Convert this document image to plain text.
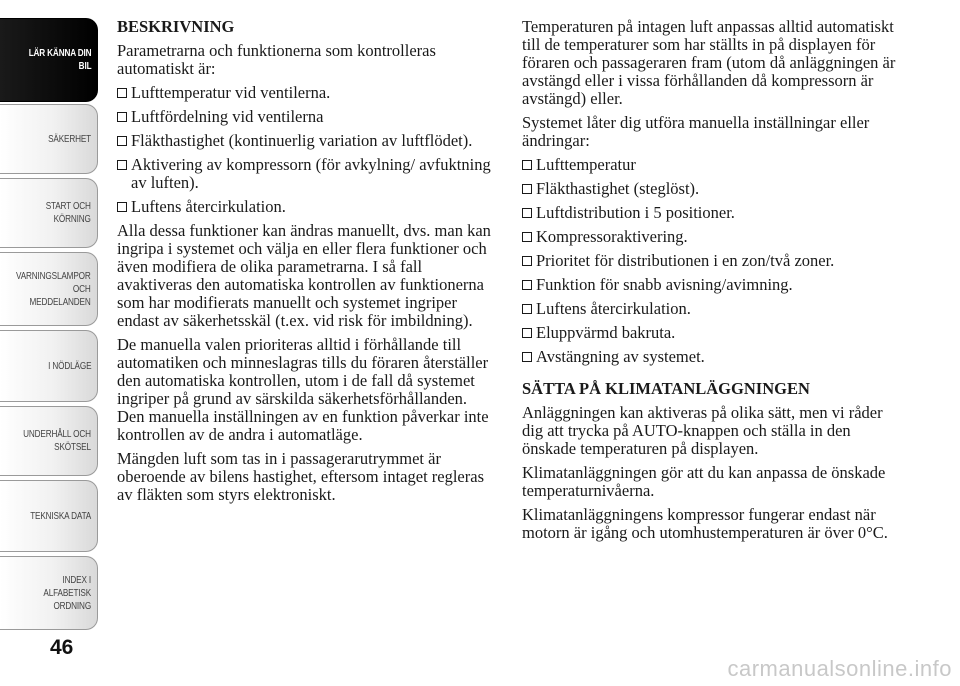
LÄR KÄNNA DIN
BIL
SÄKERHET
START OCH
KÖRNING
VARNINGSLAMPOR
OCH
MEDDELANDEN
I NÖDLÄGE
UNDERHÅLL OCH
SKÖTSEL
TEKNISKA DATA
INDEX I
ALFABETISK
ORDNING
46
BESKRIVNING

Parametrarna och funktionerna som kontrolleras automatiskt är:

Lufttemperatur vid ventilerna.
Luftfördelning vid ventilerna
Fläkthastighet (kontinuerlig variation av luftflödet).
Aktivering av kompressorn (för avkylning/ avfuktning av luften).
Luftens återcirkulation.

Alla dessa funktioner kan ändras manuellt, dvs. man kan ingripa i systemet och välja en eller flera funktioner och även modifiera de olika parametrarna. I så fall avaktiveras den automatiska kontrollen av funktionerna som har modifierats manuellt och systemet ingriper endast av säkerhetsskäl (t.ex. vid risk för imbildning).

De manuella valen prioriteras alltid i förhållande till automatiken och minneslagras tills du föraren återställer den automatiska kontrollen, utom i de fall då systemet ingriper på grund av särskilda säkerhetsförhållanden. Den manuella inställningen av en funktion påverkar inte kontrollen av de andra i automatläge.

Mängden luft som tas in i passagerarutrymmet är oberoende av bilens hastighet, eftersom intaget regleras av fläkten som styrs elektroniskt.

Temperaturen på intagen luft anpassas alltid automatiskt till de temperaturer som har ställts in på displayen för föraren och passageraren fram (utom då anläggningen är avstängd eller i vissa förhållanden då kompressorn är avstängd) eller.

Systemet låter dig utföra manuella inställningar eller ändringar:

Lufttemperatur
Fläkthastighet (steglöst).
Luftdistribution i 5 positioner.
Kompressoraktivering.
Prioritet för distributionen i en zon/två zoner.
Funktion för snabb avisning/avimning.
Luftens återcirkulation.
Eluppvärmd bakruta.
Avstängning av systemet.
SÄTTA PÅ KLIMATANLÄGGNINGEN

Anläggningen kan aktiveras på olika sätt, men vi råder dig att trycka på AUTO-knappen och ställa in den önskade temperaturen på displayen.

Klimatanläggningen gör att du kan anpassa de önskade temperaturnivåerna.

Klimatanläggningens kompressor fungerar endast när motorn är igång och utomhustemperaturen är över 0°C.

carmanualsonline.info
